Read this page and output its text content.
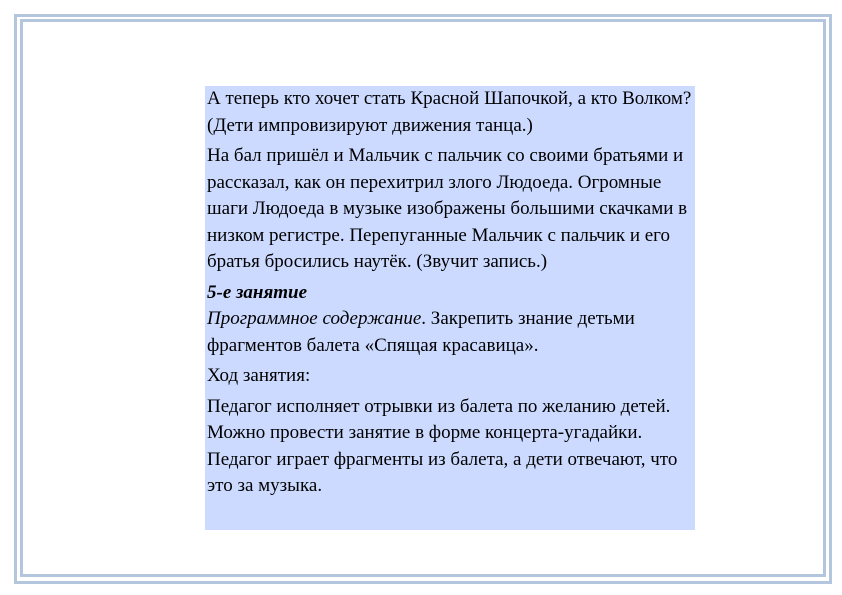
А теперь кто хочет стать Красной Шапочкой, а кто Волком? (Дети импровизируют движения танца.)

На бал пришёл и Мальчик с пальчик со своими братьями и рассказал, как он перехитрил злого Людоеда. Огромные шаги Людоеда в музыке изображены большими скачками в низком регистре. Перепуганные Мальчик с пальчик и его братья бросились наутёк. (Звучит запись.)

5-е занятие

Программное содержание. Закрепить знание детьми фрагментов балета «Спящая красавица».

Ход занятия:

Педагог исполняет отрывки из балета по желанию детей. Можно провести занятие в форме концерта-угадайки. Педагог играет фрагменты из балета, а дети отвечают, что это за музыка.
